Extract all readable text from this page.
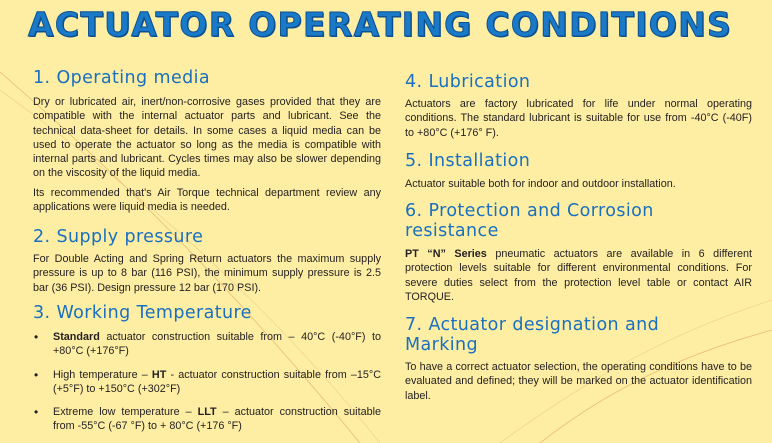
ACTUATOR OPERATING CONDITIONS
1. Operating media

Dry or lubricated air, inert/non-corrosive gases provided that they are compatible with the internal actuator parts and lubricant. See the technical data-sheet for details. In some cases a liquid media can be used to operate the actuator so long as the media is compatible with internal parts and lubricant. Cycles times may also be slower depending on the viscosity of the liquid media.

Its recommended that's Air Torque technical department review any applications were liquid media is needed.

2. Supply pressure

For Double Acting and Spring Return actuators the maximum supply pressure is up to 8 bar (116 PSI), the minimum supply pressure is 2.5 bar (36 PSI). Design pressure 12 bar (170 PSI).

3. Working Temperature
• Standard actuator construction suitable from – 40°C (-40°F) to +80°C (+176°F)
• High temperature – HT - actuator construction suitable from –15°C (+5°F) to +150°C (+302°F)
• Extreme low temperature – LLT – actuator construction suitable from -55°C (-67 °F) to + 80°C (+176 °F)
4. Lubrication

Actuators are factory lubricated for life under normal operating conditions. The standard lubricant is suitable for use from -40°C (-40F) to +80°C (+176° F).

5. Installation

Actuator suitable both for indoor and outdoor installation.

6. Protection and Corrosion
resistance

PT “N” Series pneumatic actuators are available in 6 different protection levels suitable for different environmental conditions. For severe duties select from the protection level table or contact AIR TORQUE.

7. Actuator designation and
Marking

To have a correct actuator selection, the operating conditions have to be evaluated and defined; they will be marked on the actuator identification label.
